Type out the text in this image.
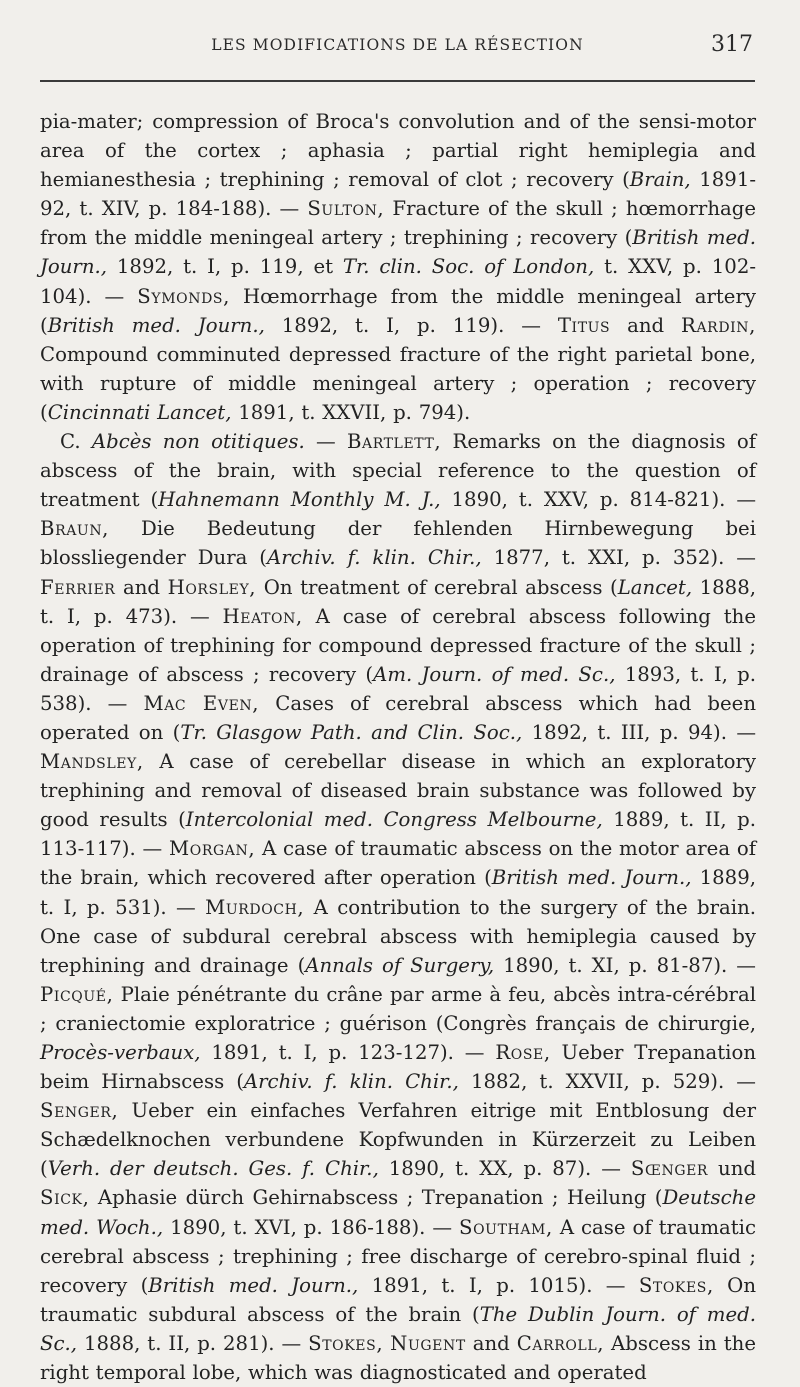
LES MODIFICATIONS DE LA RÉSECTION	317

pia-mater; compression of Broca's convolution and of the sensi-motor area of the cortex ; aphasia ; partial right hemiplegia and hemianesthesia ; trephining ; removal of clot ; recovery (Brain, 1891-92, t. XIV, p. 184-188). — Sulton, Fracture of the skull ; hœmorrhage from the middle meningeal artery ; trephining ; recovery (British med. Journ., 1892, t. I, p. 119, et Tr. clin. Soc. of London, t. XXV, p. 102-104). — Symonds, Hœmorrhage from the middle meningeal artery (British med. Journ., 1892, t. I, p. 119). — Titus and Rardin, Compound comminuted depressed fracture of the right parietal bone, with rupture of middle meningeal artery ; operation ; recovery (Cincinnati Lancet, 1891, t. XXVII, p. 794).

C. Abcès non otitiques. — Bartlett, Remarks on the diagnosis of abscess of the brain, with special reference to the question of treatment (Hahnemann Monthly M. J., 1890, t. XXV, p. 814-821). — Braun, Die Bedeutung der fehlenden Hirnbewegung bei blossliegender Dura (Archiv. f. klin. Chir., 1877, t. XXI, p. 352). — Ferrier and Horsley, On treatment of cerebral abscess (Lancet, 1888, t. I, p. 473). — Heaton, A case of cerebral abscess following the operation of trephining for compound depressed fracture of the skull ; drainage of abscess ; recovery (Am. Journ. of med. Sc., 1893, t. I, p. 538). — Mac Even, Cases of cerebral abscess which had been operated on (Tr. Glasgow Path. and Clin. Soc., 1892, t. III, p. 94). — Mandsley, A case of cerebellar disease in which an exploratory trephining and removal of diseased brain substance was followed by good results (Intercolonial med. Congress Melbourne, 1889, t. II, p. 113-117). — Morgan, A case of traumatic abscess on the motor area of the brain, which recovered after operation (British med. Journ., 1889, t. I, p. 531). — Murdoch, A contribution to the surgery of the brain. One case of subdural cerebral abscess with hemiplegia caused by trephining and drainage (Annals of Surgery, 1890, t. XI, p. 81-87). — Picqué, Plaie pénétrante du crâne par arme à feu, abcès intra-cérébral ; craniectomie exploratrice ; guérison (Congrès français de chirurgie, Procès-verbaux, 1891, t. I, p. 123-127). — Rose, Ueber Trepanation beim Hirnabscess (Archiv. f. klin. Chir., 1882, t. XXVII, p. 529). — Senger, Ueber ein einfaches Verfahren eitrige mit Entblosung der Schædelknochen verbundene Kopfwunden in Kürzerzeit zu Leiben (Verh. der deutsch. Ges. f. Chir., 1890, t. XX, p. 87). — Sœnger und Sick, Aphasie dürch Gehirnabscess ; Trepanation ; Heilung (Deutsche med. Woch., 1890, t. XVI, p. 186-188). — Southam, A case of traumatic cerebral abscess ; trephining ; free discharge of cerebro-spinal fluid ; recovery (British med. Journ., 1891, t. I, p. 1015). — Stokes, On traumatic subdural abscess of the brain (The Dublin Journ. of med. Sc., 1888, t. II, p. 281). — Stokes, Nugent and Carroll, Abscess in the right temporal lobe, which was diagnosticated and operated
